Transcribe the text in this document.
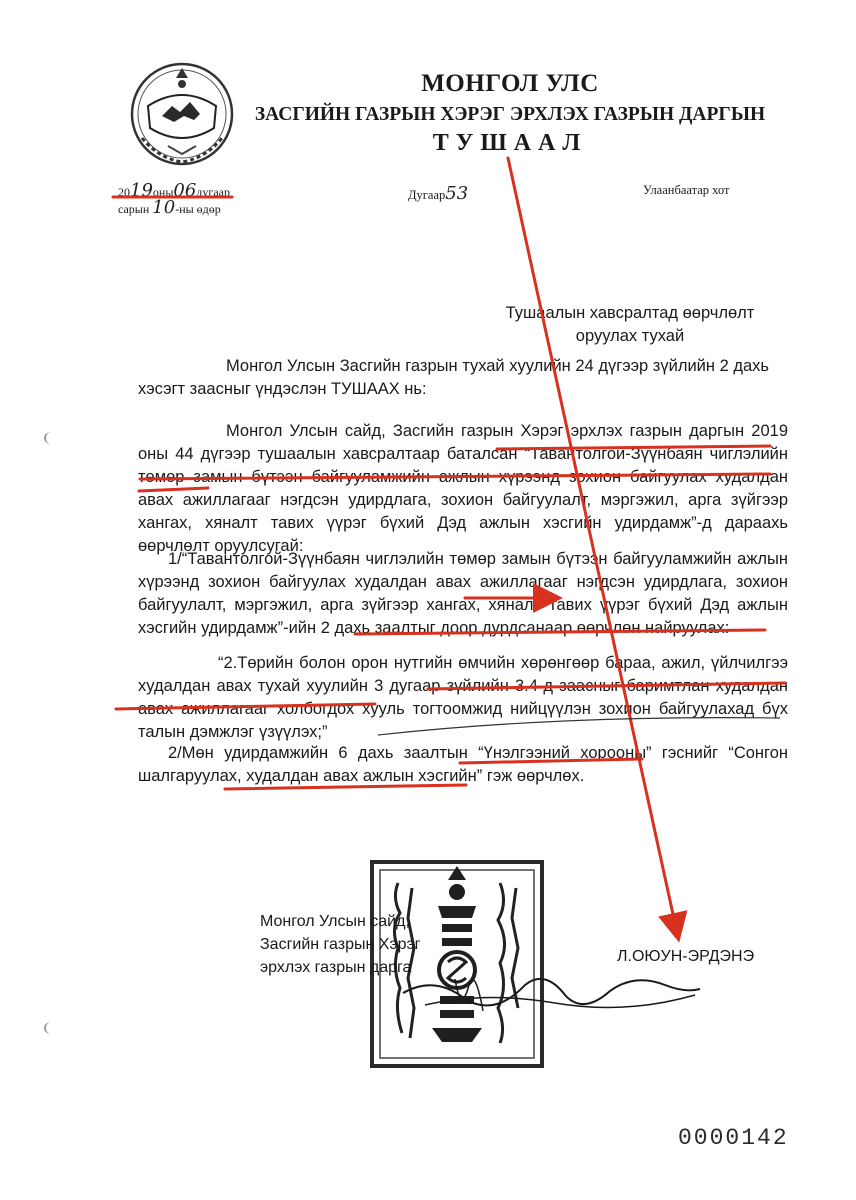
МОНГОЛ УЛС
ЗАСГИЙН ГАЗРЫН ХЭРЭГ ЭРХЛЭХ ГАЗРЫН ДАРГЫН
ТУШААЛ
2019оны06дугаар
сарын 10-ны өдөр
Дугаар53	Улаанбаатар хот
Тушаалын хавсралтад өөрчлөлт
оруулах тухай
Монгол Улсын Засгийн газрын тухай хуулийн 24 дүгээр зүйлийн 2 дахь хэсэгт заасныг үндэслэн ТУШААХ нь:
Монгол Улсын сайд, Засгийн газрын Хэрэг эрхлэх газрын даргын 2019 оны 44 дүгээр тушаалын хавсралтаар баталсан “Тавантолгой-Зүүнбаян чиглэлийн төмөр замын бүтээн байгууламжийн ажлын хүрээнд зохион байгуулах худалдан авах ажиллагааг нэгдсэн удирдлага, зохион байгуулалт, мэргэжил, арга зүйгээр хангах, хяналт тавих үүрэг бүхий Дэд ажлын хэсгийн удирдамж”-д дараахь өөрчлөлт оруулсугай:
1/“Тавантолгой-Зүүнбаян чиглэлийн төмөр замын бүтээн байгууламжийн ажлын хүрээнд зохион байгуулах худалдан авах ажиллагааг нэгдсэн удирдлага, зохион байгуулалт, мэргэжил, арга зүйгээр хангах, хяналт тавих үүрэг бүхий Дэд ажлын хэсгийн удирдамж”-ийн 2 дахь заалтыг доор дурдсанаар өөрчлөн найруулах:
“2.Төрийн болон орон нутгийн өмчийн хөрөнгөөр бараа, ажил, үйлчилгээ худалдан авах тухай хуулийн 3 дугаар зүйлийн 3.4-д заасныг баримтлан худалдан авах ажиллагааг холбогдох хууль тогтоомжид нийцүүлэн зохион байгуулахад бүх талын дэмжлэг үзүүлэх;”
2/Мөн удирдамжийн 6 дахь заалтын “Үнэлгээний хорооны” гэснийг “Сонгон шалгаруулах, худалдан авах ажлын хэсгийн” гэж өөрчлөх.
Монгол Улсын сайд,
Засгийн газрын Хэрэг
эрхлэх газрын дарга
Л.ОЮУН-ЭРДЭНЭ
0000142
